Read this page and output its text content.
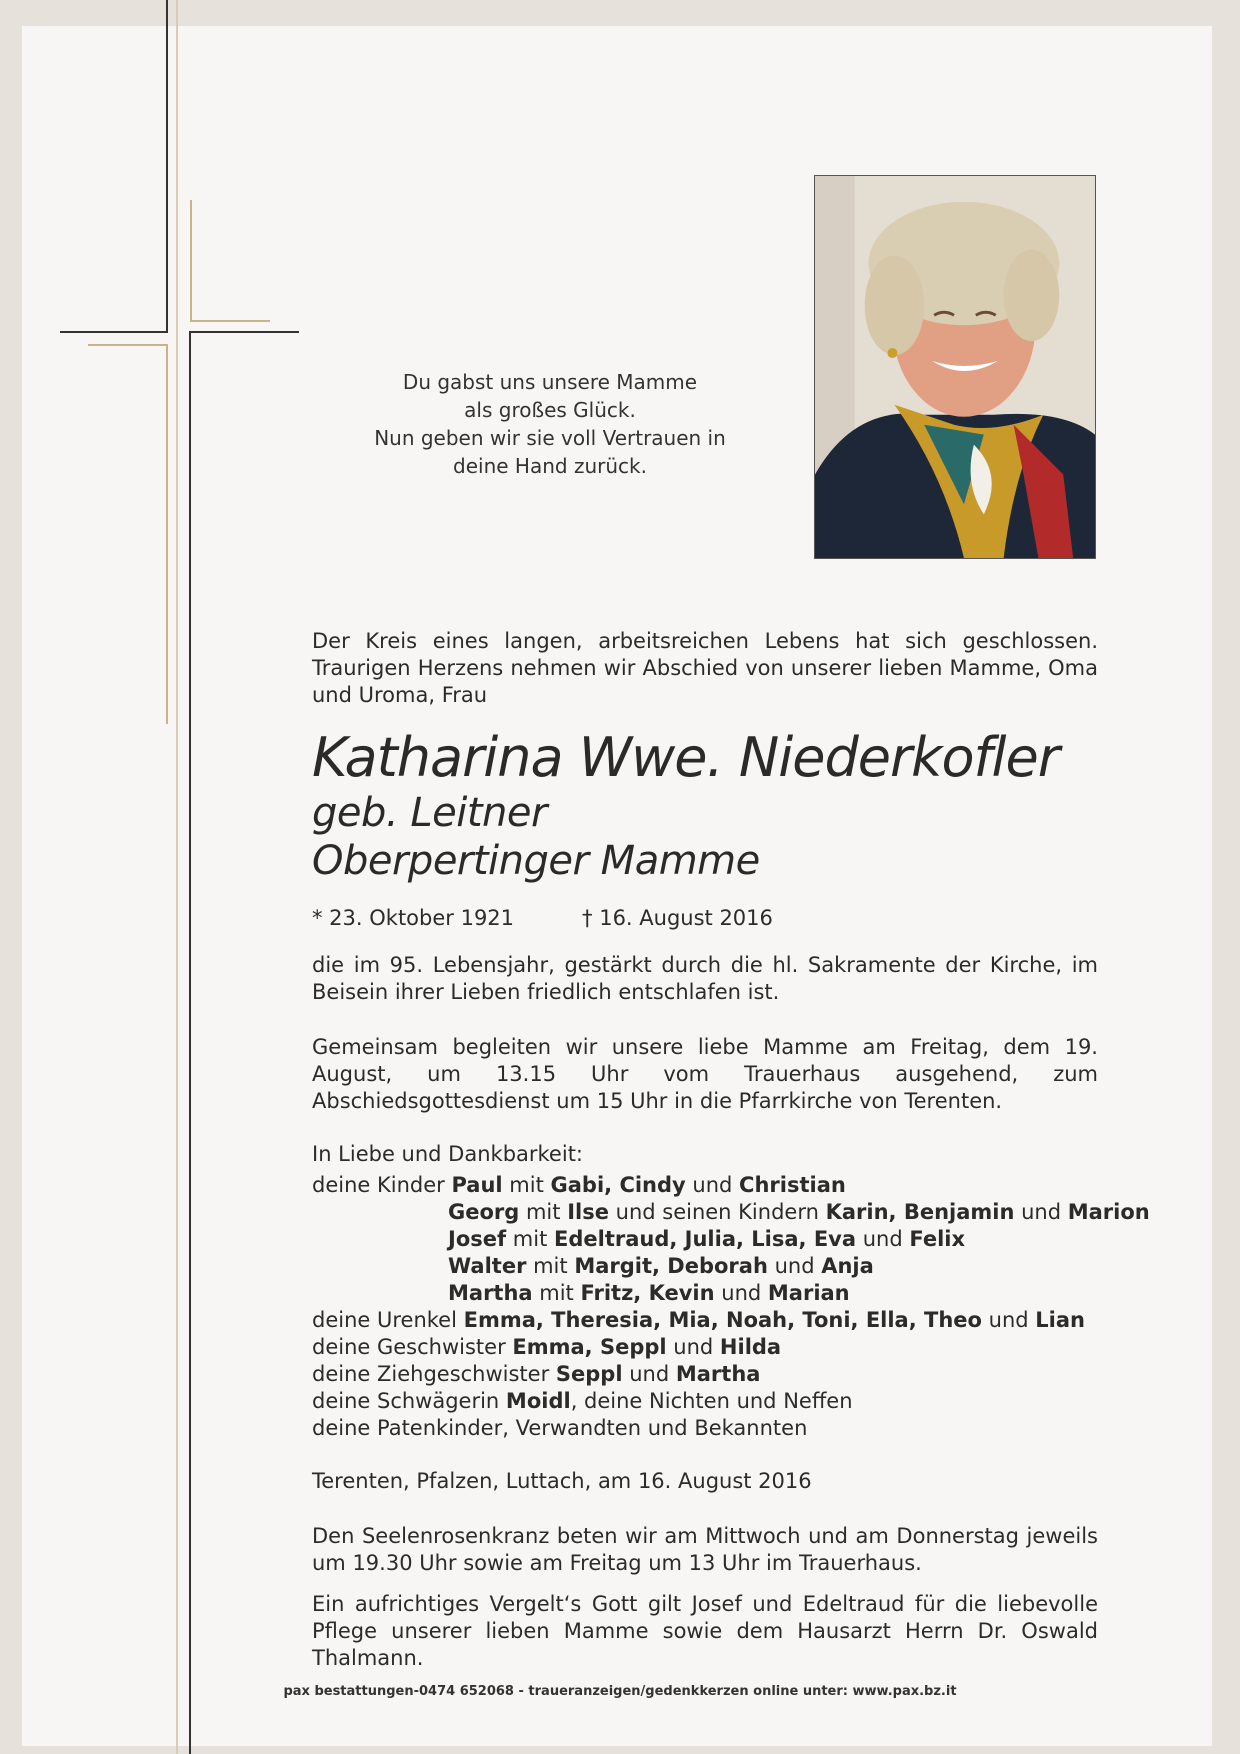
Du gabst uns unsere Mamme
als großes Glück.
Nun geben wir sie voll Vertrauen in
deine Hand zurück.

Der Kreis eines langen, arbeitsreichen Lebens hat sich geschlossen. Traurigen Herzens nehmen wir Abschied von unserer lieben Mamme, Oma und Uroma, Frau

Katharina Wwe. Niederkofler
geb. Leitner
Oberpertinger Mamme
* 23. Oktober 1921	† 16. August 2016

die im 95. Lebensjahr, gestärkt durch die hl. Sakramente der Kirche, im Beisein ihrer Lieben friedlich entschlafen ist.

Gemeinsam begleiten wir unsere liebe Mamme am Freitag, dem 19. August, um 13.15 Uhr vom Trauerhaus ausgehend, zum Abschiedsgottesdienst um 15 Uhr in die Pfarrkirche von Terenten.

In Liebe und Dankbarkeit:

deine Kinder Paul mit Gabi, Cindy und Christian
Georg mit Ilse und seinen Kindern Karin, Benjamin und Marion
Josef mit Edeltraud, Julia, Lisa, Eva und Felix
Walter mit Margit, Deborah und Anja
Martha mit Fritz, Kevin und Marian
deine Urenkel Emma, Theresia, Mia, Noah, Toni, Ella, Theo und Lian
deine Geschwister Emma, Seppl und Hilda
deine Ziehgeschwister Seppl und Martha
deine Schwägerin Moidl, deine Nichten und Neffen
deine Patenkinder, Verwandten und Bekannten

Terenten, Pfalzen, Luttach, am 16. August 2016

Den Seelenrosenkranz beten wir am Mittwoch und am Donnerstag jeweils um 19.30 Uhr sowie am Freitag um 13 Uhr im Trauerhaus.

Ein aufrichtiges Vergelt‘s Gott gilt Josef und Edeltraud für die liebevolle Pflege unserer lieben Mamme sowie dem Hausarzt Herrn Dr. Oswald Thalmann.

pax bestattungen-0474 652068 - traueranzeigen/gedenkkerzen online unter: www.pax.bz.it
